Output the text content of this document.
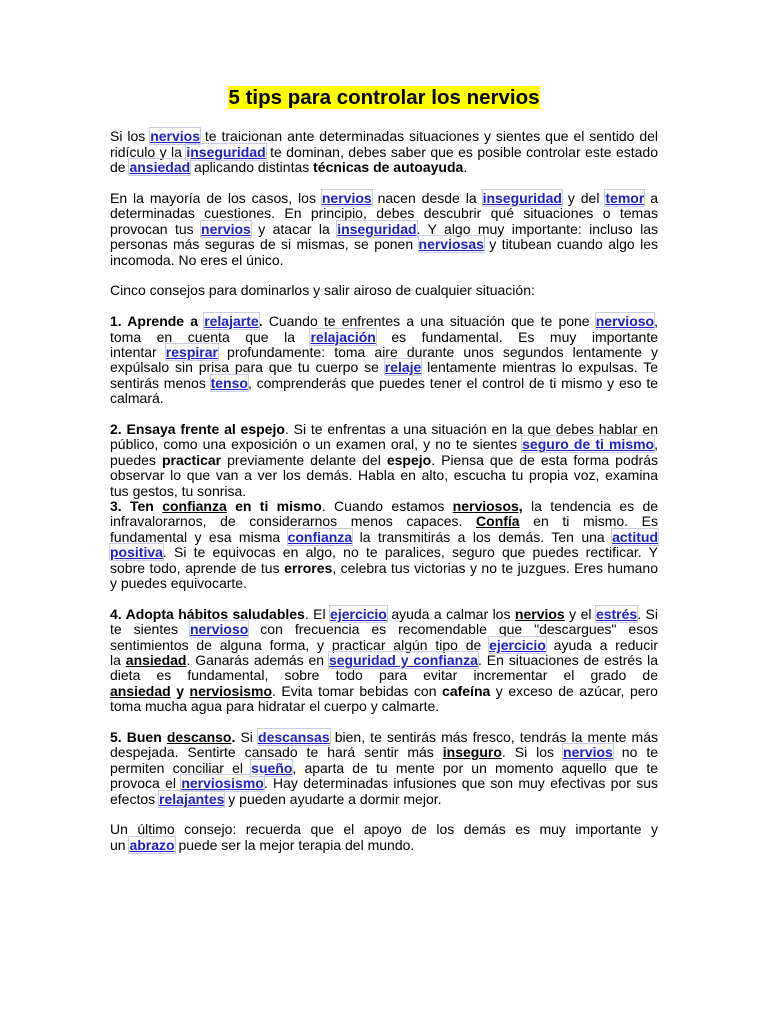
5 tips para controlar los nervios
Si los nervios te traicionan ante determinadas situaciones y sientes que el sentido del
ridículo y la inseguridad te dominan, debes saber que es posible controlar este estado
de ansiedad aplicando distintas técnicas de autoayuda.
En la mayoría de los casos, los nervios nacen desde la inseguridad y del temor a
determinadas cuestiones. En principio, debes descubrir qué situaciones o temas
provocan tus nervios y atacar la inseguridad. Y algo muy importante: incluso las
personas más seguras de si mismas, se ponen nerviosas y titubean cuando algo les
incomoda. No eres el único.
Cinco consejos para dominarlos y salir airoso de cualquier situación:
1. Aprende a relajarte. Cuando te enfrentes a una situación que te pone nervioso,
toma en cuenta que la relajación es fundamental. Es muy importante
intentar respirar profundamente: toma aire durante unos segundos lentamente y
expúlsalo sin prisa para que tu cuerpo se relaje lentamente mientras lo expulsas. Te
sentirás menos tenso, comprenderás que puedes tener el control de ti mismo y eso te
calmará.
2. Ensaya frente al espejo. Si te enfrentas a una situación en la que debes hablar en
público, como una exposición o un examen oral, y no te sientes seguro de ti mismo,
puedes practicar previamente delante del espejo. Piensa que de esta forma podrás
observar lo que van a ver los demás. Habla en alto, escucha tu propia voz, examina
tus gestos, tu sonrisa.
3. Ten confianza en ti mismo. Cuando estamos nerviosos, la tendencia es de
infravalorarnos, de considerarnos menos capaces. Confía en ti mismo. Es
fundamental y esa misma confianza la transmitirás a los demás. Ten una actitud
positiva. Si te equivocas en algo, no te paralices, seguro que puedes rectificar. Y
sobre todo, aprende de tus errores, celebra tus victorias y no te juzgues. Eres humano
y puedes equivocarte.
4. Adopta hábitos saludables. El ejercicio ayuda a calmar los nervios y el estrés. Si
te sientes nervioso con frecuencia es recomendable que "descargues" esos
sentimientos de alguna forma, y practicar algún tipo de ejercicio ayuda a reducir
la ansiedad. Ganarás además en seguridad y confianza. En situaciones de estrés la
dieta es fundamental, sobre todo para evitar incrementar el grado de
ansiedad y nerviosismo. Evita tomar bebidas con cafeína y exceso de azúcar, pero
toma mucha agua para hidratar el cuerpo y calmarte.
5. Buen descanso. Si descansas bien, te sentirás más fresco, tendrás la mente más
despejada. Sentirte cansado te hará sentir más inseguro. Si los nervios no te
permiten conciliar el sueño, aparta de tu mente por un momento aquello que te
provoca el nerviosismo. Hay determinadas infusiones que son muy efectivas por sus
efectos relajantes y pueden ayudarte a dormir mejor.
Un último consejo: recuerda que el apoyo de los demás es muy importante y
un abrazo puede ser la mejor terapia del mundo.
